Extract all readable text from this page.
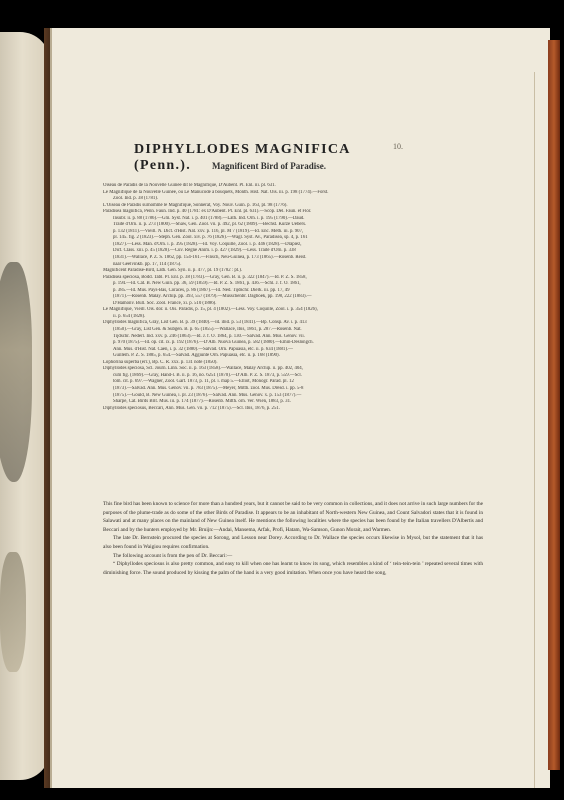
10.
DIPHYLLODES MAGNIFICA (Penn.).	Magnificent Bird of Paradise.
Oiseau de Paradis de la Nouvelle Guinée dit le Magnifique, D'Aubent. Pl. Enl. iii. pl. 631.
Le Magnifique de la Nouvelle Guinée, ou Le Manucode à bouquets, Month. Hist. Nat. Ois. iii. p. 198 (1774).—Forst.
Zool. Ind. p. 38 (1781).
L'Oiseau de Paradis surnommé le Magnifique, Sonnerat, Voy. Nouv. Guin. p. 163, pl. 98 (1776).
Paradisea magnifica, Penn. Faun. Ind. p. 40 (1781: ex D'Aubent. Pl. Enl. pl. 631).—Scop. Del. Faun. et Flor.
Insubr. ii. p. 88 (1786).—Gm. Syst. Nat. i. p. 401 (1788).—Lath. Ind. Orn. i. p. 195 (1790).—Daud.
Traité d'Orn. ii. p. 273 (1800).—Shaw, Gen. Zool. vii. p. 492, pl. 62 (1809).—Bechst. Kurze Uebers.
p. 132 (1811).—Vieill. N. Dict. d'Hist. Nat. xxv. p. 116, pl. M 7 (1819).—Id. Enc. Méth. iii. p. 907,
pl. 145. fig. 2 (1823).—Steph. Gen. Zool. xiv. p. 76 (1826).—Wagl. Syst. Av., Paradisea, sp. 4, p. 161
(1827).—Less. Man. d'Orn. i. p. 395 (1828).—Id. Voy. Coquille, Zool. i. p. 446 (1828).—Drapiez,
Dict. Class. xiii. p. 45 (1828).—Cuv. Règne Anim. i. p. 427 (1829).—Less. Traité d'Orn. p. 338
(1831).—Wallace, P. Z. S. 1862, pp. 154-161.—Finsch, Neu-Guinea, p. 173 (1865).—Rosenb. Reist.
naar Geelvinkb. pp. 17, 114 (1875).
Magnificent Paradise-Bird, Lath. Gen. Syn. ii. p. 477, pl. 19 (1782 : pt.).
Paradisea speciosa, Bodd. Tabl. Pl. Enl. p. 38 (1783).—Gray, Gen. B. ii. p. 322 (1847).—Id. P. Z. S. 1858,
p. 194.—Id. Cat. B. New Guin. pp. 36, 59 (1859).—Id. P. Z. S. 1861, p. 436.—Schl. J. f. O. 1861,
p. 385.—Id. Mus. Pays-Bas, Coraces, p. 86 (1867).—Id. Ned. Tijdschr. Dierk. iii. pp. 17, 49
(1871).—Rosenb. Malay. Archip. pp. 393, 557 (1879).—Musschenbr. Dagboek, pp. 198, 222 (1883).—
D'Hamonv. Bull. Soc. Zool. France, xi. p. 510 (1886).
Le Magnifique, Vieill. Ois. dor. ii. Ois. Paradis, p. 15, pl. 4 (1802).—Less. Voy. Coquille, Zool. i. p. 354 (1826),
ii. p. 654 (1828).
Diphyllodes magnifica, Gray, List Gen. B. p. 39 (1840).—Id. ibid. p. 53 (1841).—Bp. Consp. Av. i. p. 413
(1850).—Gray, List Gen. & Subgen. B. p. 65 (1855).—Wallace, Ibis, 1861, p. 287.—Rosenb. Nat.
Tijdschr. Nederl. Ind. xxv. p. 246 (1863).—Id. J. f. O. 1864, p. 130.—Salvad. Ann. Mus. Genov. vii.
p. 970 (1875).—Id. op. cit. ix. p. 192 (1876).—D'Alb. Nuova Guinea, p. 582 (1880).—Emin-Deslongch.
Ann. Mus. d'Hist. Nat. Caen, i. p. 32 (1880).—Salvad. Orn. Papuasia, etc. ii. p. 634 (1881).—
Guillem. P. Z. S. 1885, p. 654.—Salvad. Aggiunte Orn. Papuasia, etc. ii. p. 168 (1890).
Lophorina superba (err.), Bp. C. R. xxx. p. 131 note (1850).
Diphyllodes speciosa, Scl. Journ. Linn. Soc. ii. p. 163 (1858).—Wallace, Malay Archip. ii. pp. 402, 404,
cum fig. (1869).—Gray, Hand-l. B. ii. p. 16, no. 6251 (1870).—D'Alb. P. Z. S. 1873, p. 559.—Scl.
tom. cit. p. 697.—Wagner, Zool. Gart. 1873, p. 11, pl. i. map 5.—Elliot, Monogr. Parad. pl. 12
(1873).—Salvad. Ann. Mus. Genov. vii. p. 783 (1875).—Meyer, Mitth. zool. Mus. Dresd. i. pp. 5-8
(1875).—Gould, B. New Guinea, i. pl. 23 (1876).—Salvad. Ann. Mus. Genov. x. p. 153 (1877).—
Sharpe, Cat. Birds Brit. Mus. iii. p. 174 (1877).—Rosenb. Mitth. orn. Ver. Wien, 1883, p. 31.
Diphyllodes speciosus, Beccari, Ann. Mus. Gen. vii. p. 712 (1875).—Scl. Ibis, 1876, p. 251.

This fine bird has been known to science for more than a hundred years, but it cannot be said to be very common in collections, and it does not arrive in such large numbers for the purposes of the plume-trade as do some of the other Birds of Paradise. It appears to be an inhabitant of North-western New Guinea, and Count Salvadori states that it is found in Salawati and at many places on the mainland of New Guinea itself. He mentions the following localities where the species has been found by the Italian travellers D'Albertis and Beccari and by the hunters employed by Mr. Bruijn:—Andai, Mansema, Arfak, Profi, Hatam, Wa-Samson, Gunon Morait, and Warmen.

The late Dr. Bernstein procured the species at Sorong, and Lesson near Dorey. According to Dr. Wallace the species occurs likewise in Mysol, but the statement that it has also been found in Waigiou requires confirmation.

The following account is from the pen of Dr. Beccari:—

“ Diphyllodes speciosus is also pretty common, and easy to kill when one has learnt to know its song, which resembles a kind of ‘ tein-tein-tein ’ repeated several times with diminishing force. The sound produced by kissing the palm of the hand is a very good imitation. When once you have heard the song,
